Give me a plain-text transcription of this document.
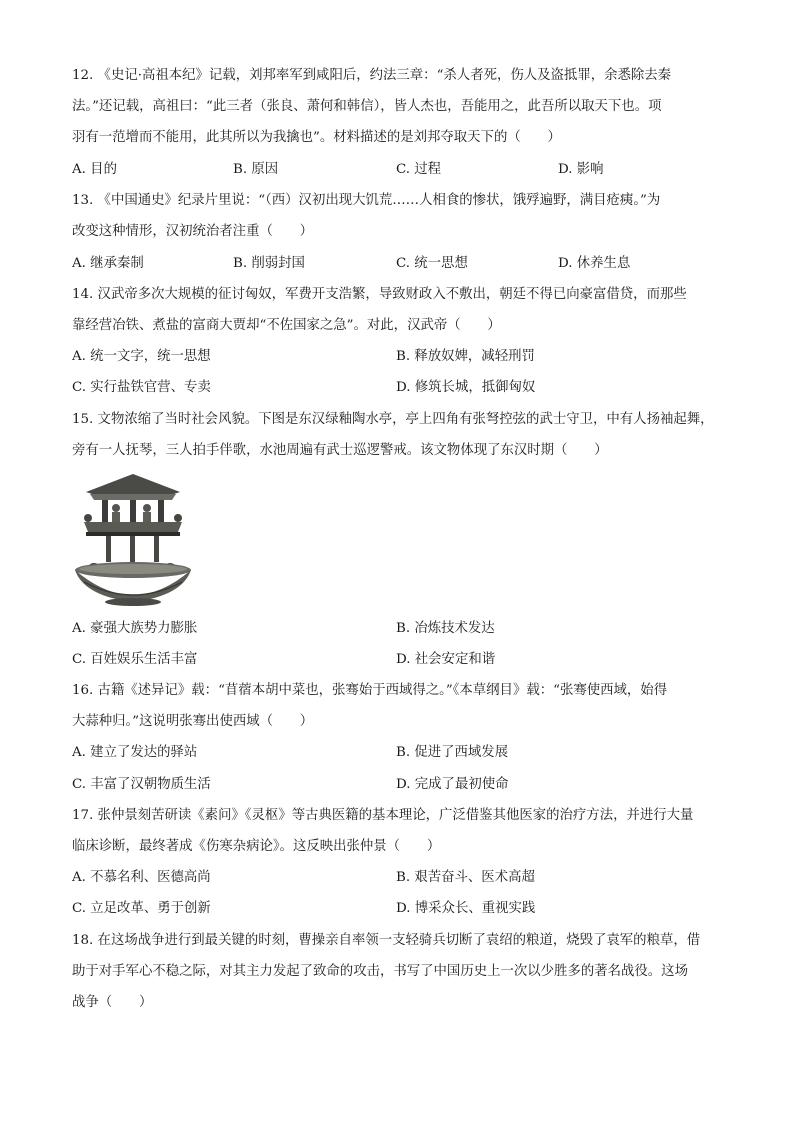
12. 《史记·高祖本纪》记载，刘邦率军到咸阳后，约法三章：“杀人者死，伤人及盗抵罪，余悉除去秦
法。”还记载，高祖曰：“此三者（张良、萧何和韩信），皆人杰也，吾能用之，此吾所以取天下也。项
羽有一范增而不能用，此其所以为我擒也”。材料描述的是刘邦夺取天下的（　　）
A. 目的	B. 原因	C. 过程	D. 影响
13. 《中国通史》纪录片里说：“（西）汉初出现大饥荒……人相食的惨状，饿殍遍野，满目疮痍。”为
改变这种情形，汉初统治者注重（　　）
A. 继承秦制	B. 削弱封国	C. 统一思想	D. 休养生息
14. 汉武帝多次大规模的征讨匈奴，军费开支浩繁，导致财政入不敷出，朝廷不得已向豪富借贷，而那些
靠经营冶铁、煮盐的富商大贾却“不佐国家之急”。对此，汉武帝（　　）
A. 统一文字，统一思想	B. 释放奴婢，减轻刑罚
C. 实行盐铁官营、专卖	D. 修筑长城，抵御匈奴
15. 文物浓缩了当时社会风貌。下图是东汉绿釉陶水亭，亭上四角有张弩控弦的武士守卫，中有人扬袖起舞，
旁有一人抚琴，三人拍手伴歌，水池周遍有武士巡逻警戒。该文物体现了东汉时期（　　）
A. 豪强大族势力膨胀	B. 冶炼技术发达
C. 百姓娱乐生活丰富	D. 社会安定和谐
16. 古籍《述异记》载：“苜蓿本胡中菜也，张骞始于西域得之。”《本草纲目》载：“张骞使西域，始得
大蒜种归。”这说明张骞出使西域（　　）
A. 建立了发达的驿站	B. 促进了西域发展
C. 丰富了汉朝物质生活	D. 完成了最初使命
17. 张仲景刻苦研读《素问》《灵枢》等古典医籍的基本理论，广泛借鉴其他医家的治疗方法，并进行大量
临床诊断，最终著成《伤寒杂病论》。这反映出张仲景（　　）
A. 不慕名利、医德高尚	B. 艰苦奋斗、医术高超
C. 立足改革、勇于创新	D. 博采众长、重视实践
18. 在这场战争进行到最关键的时刻，曹操亲自率领一支轻骑兵切断了袁绍的粮道，烧毁了袁军的粮草，借
助于对手军心不稳之际，对其主力发起了致命的攻击，书写了中国历史上一次以少胜多的著名战役。这场
战争（　　）
